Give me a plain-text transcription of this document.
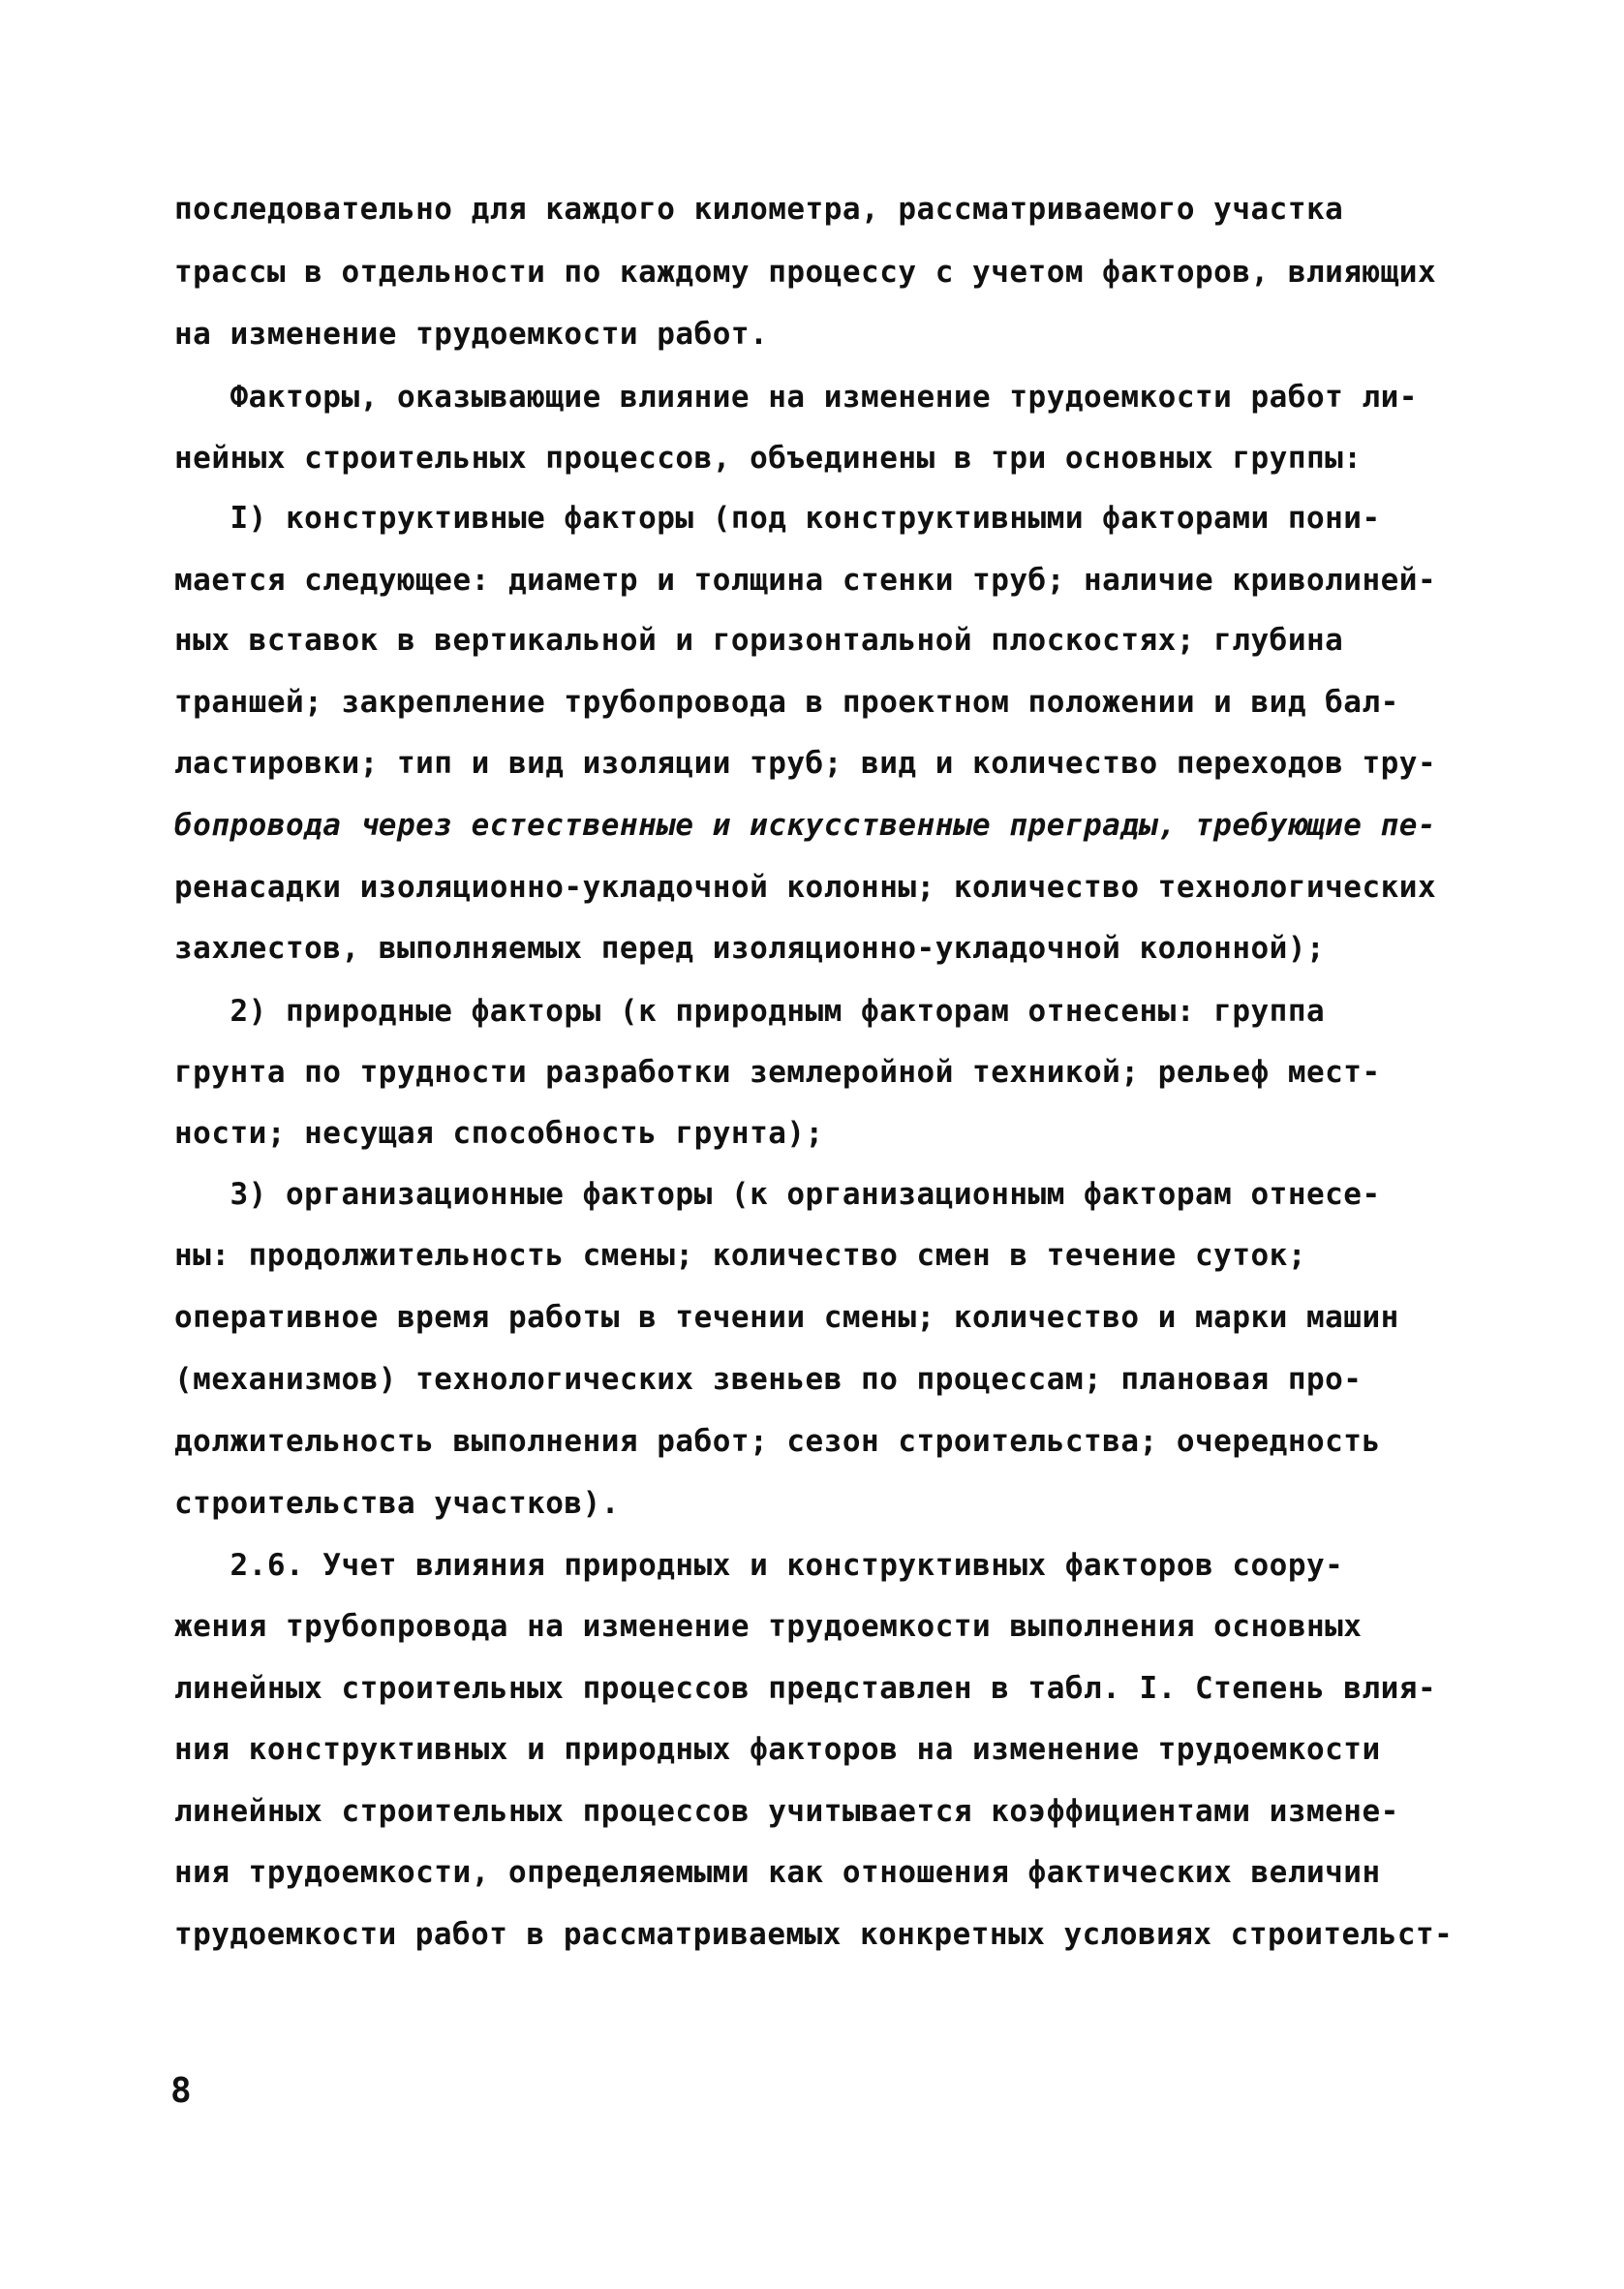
последовательно для каждого километра, рассматриваемого участка
трассы в отдельности по каждому процессу с учетом факторов, влияющих
на изменение трудоемкости работ.
Факторы, оказывающие влияние на изменение трудоемкости работ ли-
нейных строительных процессов, объединены в три основных группы:
I) конструктивные факторы (под конструктивными факторами пони-
мается следующее: диаметр и толщина стенки труб; наличие криволиней-
ных вставок в вертикальной и горизонтальной плоскостях; глубина
траншей; закрепление трубопровода в проектном положении и вид бал-
ластировки; тип и вид изоляции труб; вид и количество переходов тру-
бопровода через естественные и искусственные преграды, требующие пе-
ренасадки изоляционно-укладочной колонны; количество технологических
захлестов, выполняемых перед изоляционно-укладочной колонной);
2) природные факторы (к природным факторам отнесены: группа
грунта по трудности разработки землеройной техникой; рельеф мест-
ности; несущая способность грунта);
3) организационные факторы (к организационным факторам отнесе-
ны: продолжительность смены; количество смен в течение суток;
оперативное время работы в течении смены; количество и марки машин
(механизмов) технологических звеньев по процессам; плановая про-
должительность выполнения работ; сезон строительства; очередность
строительства участков).
2.6. Учет влияния природных и конструктивных факторов соору-
жения трубопровода на изменение трудоемкости выполнения основных
линейных строительных процессов представлен в табл. I. Степень влия-
ния конструктивных и природных факторов на изменение трудоемкости
линейных строительных процессов учитывается коэффициентами измене-
ния трудоемкости, определяемыми как отношения фактических величин
трудоемкости работ в рассматриваемых конкретных условиях строительст-
8
